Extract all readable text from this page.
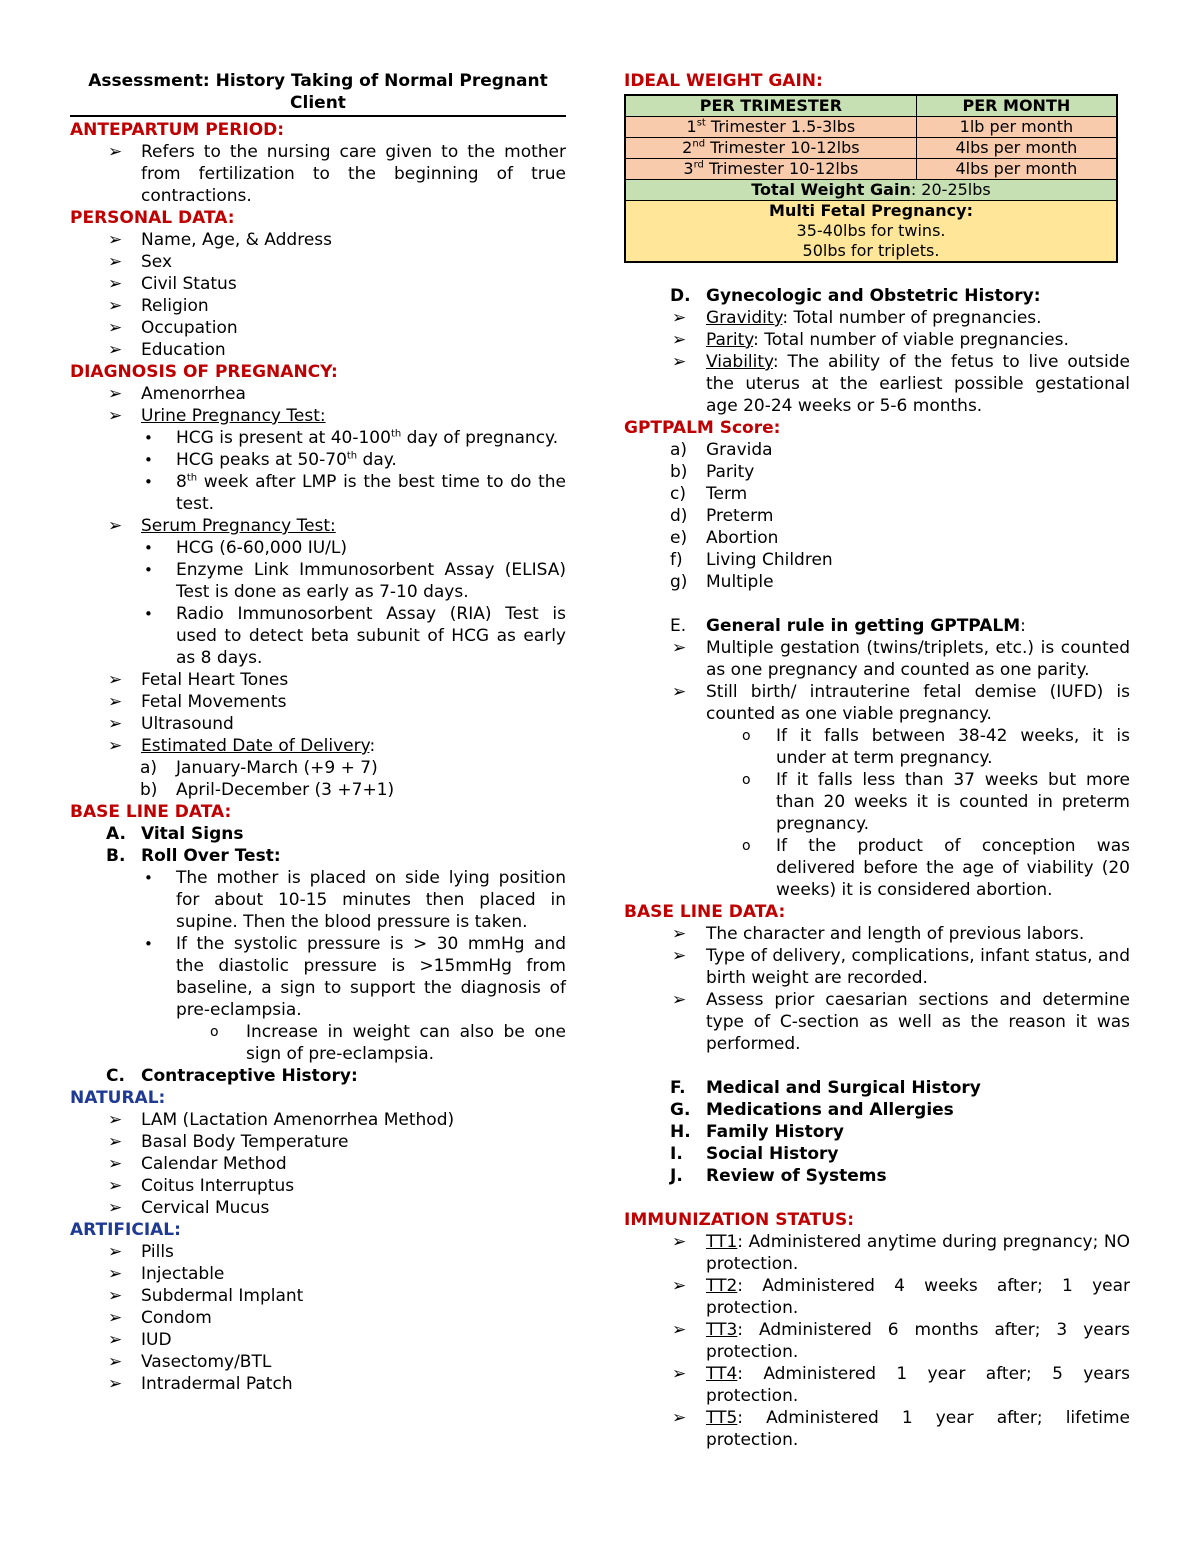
Assessment: History Taking of Normal Pregnant Client
ANTEPARTUM PERIOD:
➢ Refers to the nursing care given to the mother from fertilization to the beginning of true contractions.
PERSONAL DATA:
➢ Name, Age, & Address
➢ Sex
➢ Civil Status
➢ Religion
➢ Occupation
➢ Education
DIAGNOSIS OF PREGNANCY:
➢ Amenorrhea
➢ Urine Pregnancy Test:
• HCG is present at 40-100th day of pregnancy.
• HCG peaks at 50-70th day.
• 8th week after LMP is the best time to do the test.
➢ Serum Pregnancy Test:
• HCG (6-60,000 IU/L)
• Enzyme Link Immunosorbent Assay (ELISA) Test is done as early as 7-10 days.
• Radio Immunosorbent Assay (RIA) Test is used to detect beta subunit of HCG as early as 8 days.
➢ Fetal Heart Tones
➢ Fetal Movements
➢ Ultrasound
➢ Estimated Date of Delivery:
a) January-March (+9 + 7)
b) April-December (3 +7+1)
BASE LINE DATA:
A. Vital Signs
B. Roll Over Test:
• The mother is placed on side lying position for about 10-15 minutes then placed in supine. Then the blood pressure is taken.
• If the systolic pressure is > 30 mmHg and the diastolic pressure is >15mmHg from baseline, a sign to support the diagnosis of pre-eclampsia.
o Increase in weight can also be one sign of pre-eclampsia.
C. Contraceptive History:
NATURAL:
➢ LAM (Lactation Amenorrhea Method)
➢ Basal Body Temperature
➢ Calendar Method
➢ Coitus Interruptus
➢ Cervical Mucus
ARTIFICIAL:
➢ Pills
➢ Injectable
➢ Subdermal Implant
➢ Condom
➢ IUD
➢ Vasectomy/BTL
➢ Intradermal Patch
IDEAL WEIGHT GAIN:
PER TRIMESTER	PER MONTH
1st Trimester 1.5-3lbs	1lb per month
2nd Trimester 10-12lbs	4lbs per month
3rd Trimester 10-12lbs	4lbs per month
Total Weight Gain: 20-25lbs	

Multi Fetal Pregnancy:
35-40lbs for twins.
50lbs for triplets.	
D. Gynecologic and Obstetric History:
➢ Gravidity: Total number of pregnancies.
➢ Parity: Total number of viable pregnancies.
➢ Viability: The ability of the fetus to live outside the uterus at the earliest possible gestational age 20-24 weeks or 5-6 months.
GPTPALM Score:
a) Gravida
b) Parity
c) Term
d) Preterm
e) Abortion
f) Living Children
g) Multiple
E. General rule in getting GPTPALM:
➢ Multiple gestation (twins/triplets, etc.) is counted as one pregnancy and counted as one parity.
➢ Still birth/ intrauterine fetal demise (IUFD) is counted as one viable pregnancy.
o If it falls between 38-42 weeks, it is under at term pregnancy.
o If it falls less than 37 weeks but more than 20 weeks it is counted in preterm pregnancy.
o If the product of conception was delivered before the age of viability (20 weeks) it is considered abortion.
BASE LINE DATA:
➢ The character and length of previous labors.
➢ Type of delivery, complications, infant status, and birth weight are recorded.
➢ Assess prior caesarian sections and determine type of C-section as well as the reason it was performed.
F. Medical and Surgical History
G. Medications and Allergies
H. Family History
I. Social History
J. Review of Systems
IMMUNIZATION STATUS:
➢ TT1: Administered anytime during pregnancy; NO protection.
➢ TT2: Administered 4 weeks after; 1 year protection.
➢ TT3: Administered 6 months after; 3 years protection.
➢ TT4: Administered 1 year after; 5 years protection.
➢ TT5: Administered 1 year after; lifetime protection.
